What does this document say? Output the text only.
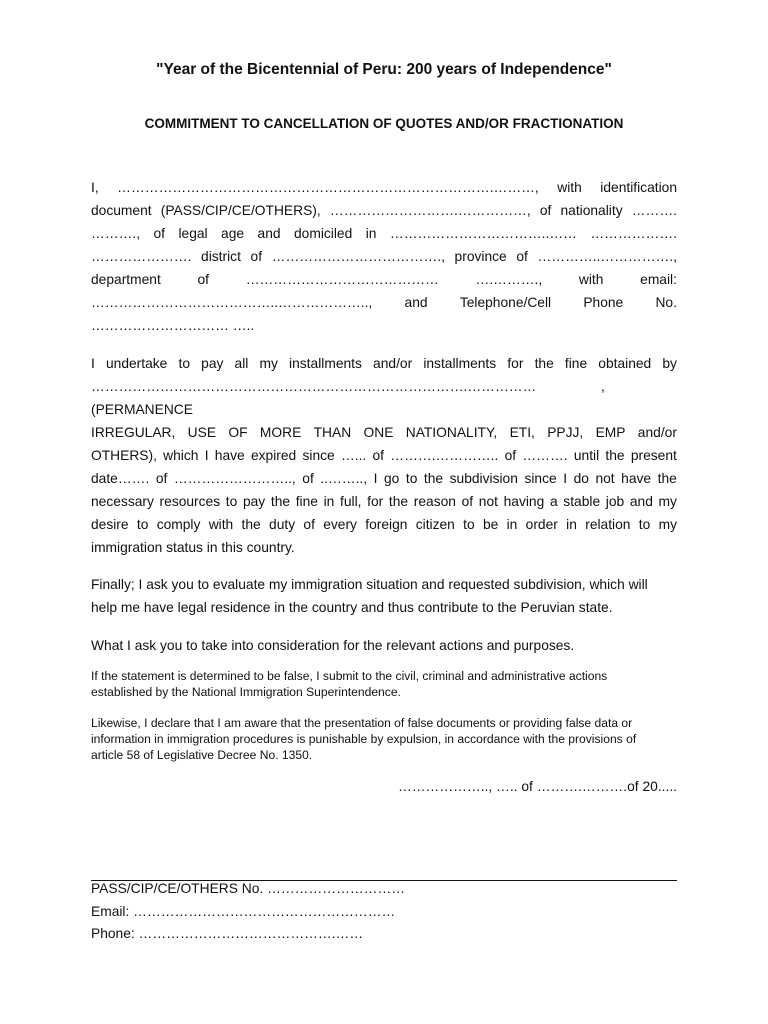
"Year of the Bicentennial of Peru: 200 years of Independence"
COMMITMENT TO CANCELLATION OF QUOTES AND/OR FRACTIONATION
I, ……………………………………………………………………….………, with identification
document (PASS/CIP/CE/OTHERS), ……………………….……………, of nationality ……….
………., of legal age and domiciled in ……………………………..…… ……………….
…………………. district of ………………………………., province of …………..…………….,
department	of	……………………………………	….……….,	with	email:
…………………………………..……………….., and Telephone/Cell Phone No.
………………………… …..
I undertake to pay all my installments and/or installments for the fine obtained by
……………………………………………………………………….……………	,
(PERMANENCE
IRREGULAR, USE OF MORE THAN ONE NATIONALITY, ETI, PPJJ, EMP and/or
OTHERS), which I have expired since …... of ……….………….. of ………. until the present
date……. of …………………….., of ..…….., I go to the subdivision since I do not have the
necessary resources to pay the fine in full, for the reason of not having a stable job and my
desire to comply with the duty of every foreign citizen to be in order in relation to my
immigration status in this country.
Finally; I ask you to evaluate my immigration situation and requested subdivision, which will
help me have legal residence in the country and thus contribute to the Peruvian state.
What I ask you to take into consideration for the relevant actions and purposes.
If the statement is determined to be false, I submit to the civil, criminal and administrative actions
established by the National Immigration Superintendence.
Likewise, I declare that I am aware that the presentation of false documents or providing false data or
information in immigration procedures is punishable by expulsion, in accordance with the provisions of
article 58 of Legislative Decree No. 1350.
……………….., ….. of ……….……….of 20.....
PASS/CIP/CE/OTHERS No. …………………………
Email: …………………………………………………
Phone: …………………………………….……
